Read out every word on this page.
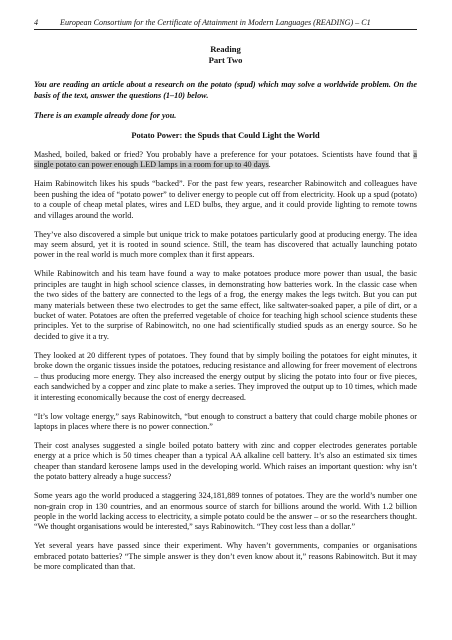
4	European Consortium for the Certificate of Attainment in Modern Languages (READING) – C1
Reading
Part Two
You are reading an article about a research on the potato (spud) which may solve a worldwide problem. On the basis of the text, answer the questions (1–10) below.
There is an example already done for you.
Potato Power: the Spuds that Could Light the World

Mashed, boiled, baked or fried? You probably have a preference for your potatoes. Scientists have found that a single potato can power enough LED lamps in a room for up to 40 days.

Haim Rabinowitch likes his spuds “backed”. For the past few years, researcher Rabinowitch and colleagues have been pushing the idea of “potato power” to deliver energy to people cut off from electricity. Hook up a spud (potato) to a couple of cheap metal plates, wires and LED bulbs, they argue, and it could provide lighting to remote towns and villages around the world.

They’ve also discovered a simple but unique trick to make potatoes particularly good at producing energy. The idea may seem absurd, yet it is rooted in sound science. Still, the team has discovered that actually launching potato power in the real world is much more complex than it first appears.

While Rabinowitch and his team have found a way to make potatoes produce more power than usual, the basic principles are taught in high school science classes, in demonstrating how batteries work. In the classic case when the two sides of the battery are connected to the legs of a frog, the energy makes the legs twitch. But you can put many materials between these two electrodes to get the same effect, like saltwater-soaked paper, a pile of dirt, or a bucket of water. Potatoes are often the preferred vegetable of choice for teaching high school science students these principles. Yet to the surprise of Rabinowitch, no one had scientifically studied spuds as an energy source. So he decided to give it a try.

They looked at 20 different types of potatoes. They found that by simply boiling the potatoes for eight minutes, it broke down the organic tissues inside the potatoes, reducing resistance and allowing for freer movement of electrons – thus producing more energy. They also increased the energy output by slicing the potato into four or five pieces, each sandwiched by a copper and zinc plate to make a series. They improved the output up to 10 times, which made it interesting economically because the cost of energy decreased.

“It’s low voltage energy,” says Rabinowitch, “but enough to construct a battery that could charge mobile phones or laptops in places where there is no power connection.”

Their cost analyses suggested a single boiled potato battery with zinc and copper electrodes generates portable energy at a price which is 50 times cheaper than a typical AA alkaline cell battery. It’s also an estimated six times cheaper than standard kerosene lamps used in the developing world. Which raises an important question: why isn’t the potato battery already a huge success?

Some years ago the world produced a staggering 324,181,889 tonnes of potatoes. They are the world’s number one non-grain crop in 130 countries, and an enormous source of starch for billions around the world. With 1.2 billion people in the world lacking access to electricity, a simple potato could be the answer – or so the researchers thought. “We thought organisations would be interested,” says Rabinowitch. “They cost less than a dollar.”

Yet several years have passed since their experiment. Why haven’t governments, companies or organisations embraced potato batteries? “The simple answer is they don’t even know about it,” reasons Rabinowitch. But it may be more complicated than that.
